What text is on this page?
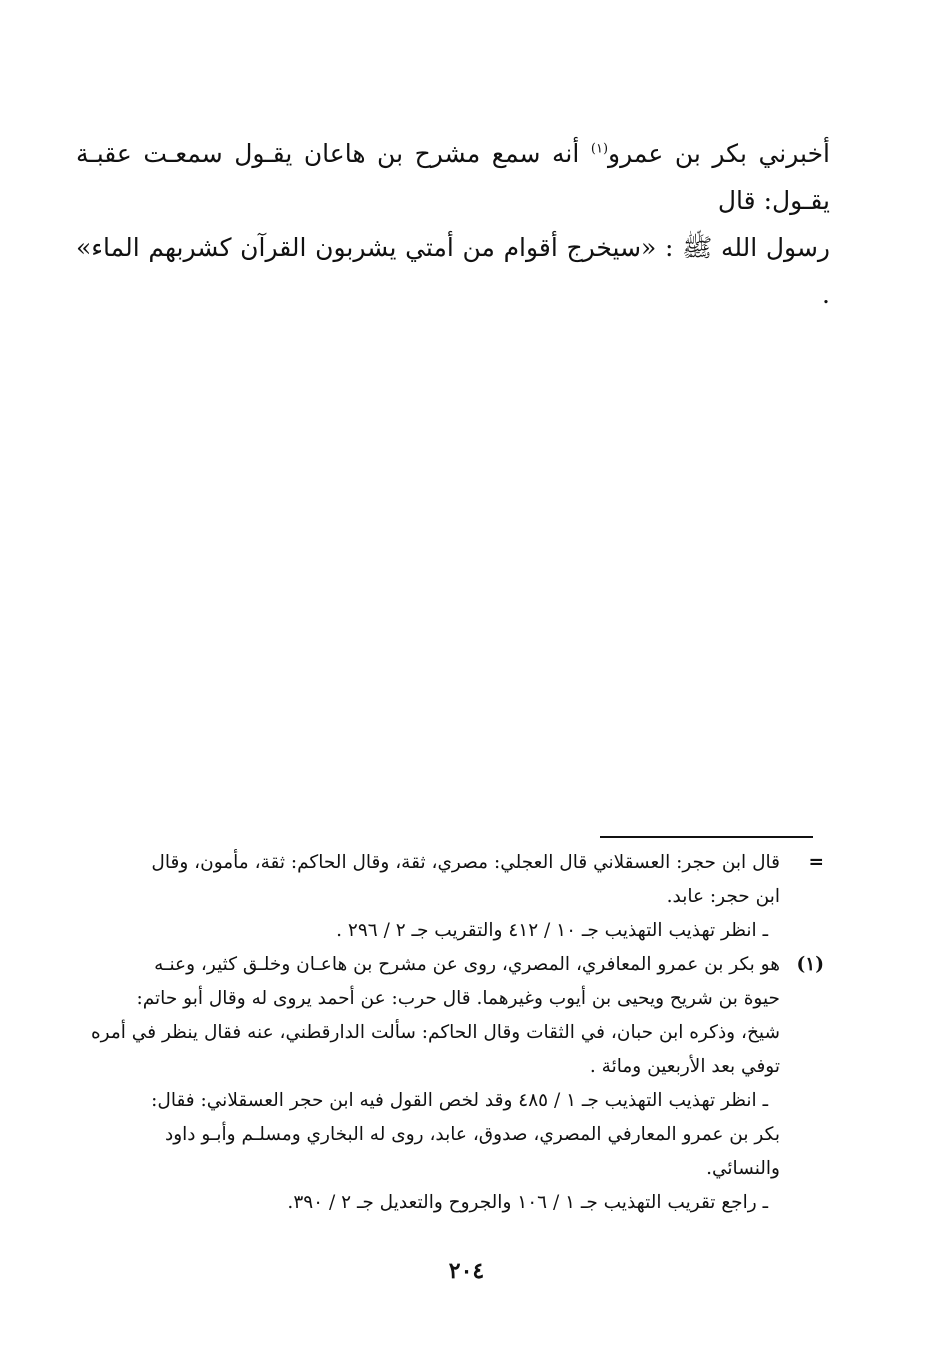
أخبرني بكر بن عمرو$^{(١)}$ أنه سمع مشرح بن هاعان يقـول سمعـت عقبـة يقـول: قال

رسول الله ﷺ : «سيخرج أقوام من أمتي يشربون القرآن كشربهم الماء» .

=

قال ابن حجر: العسقلاني قال العجلي: مصري، ثقة، وقال الحاكم: ثقة، مأمون، وقال

ابن حجر: عابد.

ـ انظر تهذيب التهذيب جـ ١٠ / ٤١٢ والتقريب جـ ٢ / ٢٩٦ .

(١)

هو بكر بن عمرو المعافري، المصري، روى عن مشرح بن هاعـان وخلـق كثير، وعنـه

حيوة بن شريح ويحيى بن أيوب وغيرهما. قال حرب: عن أحمد يروى له وقال أبو حاتم:

شيخ، وذكره ابن حبان، في الثقات وقال الحاكم: سألت الدارقطني، عنه فقال ينظر في أمره

توفي بعد الأربعين ومائة .

ـ انظر تهذيب التهذيب جـ ١ / ٤٨٥ وقد لخص القول فيه ابن حجر العسقلاني: فقال:

بكر بن عمرو المعارفي المصري، صدوق، عابد، روى له البخاري ومسلـم وأبـو داود

والنسائي.

ـ راجع تقريب التهذيب جـ ١ / ١٠٦ والجروح والتعديل جـ ٢ / ٣٩٠.

٢٠٤
